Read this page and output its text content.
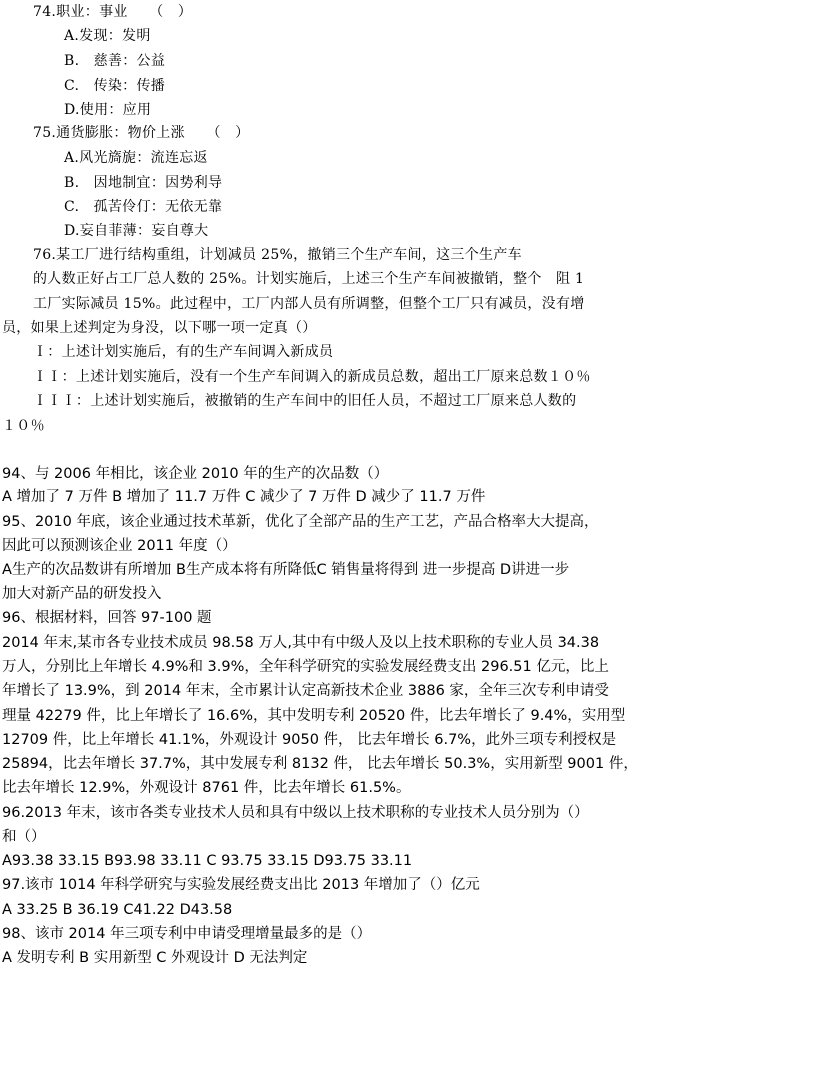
74.职业：事业　　（　）
A.发现：发明
B.　慈善：公益
C.　传染：传播
D.使用：应用
75.通货膨胀：物价上涨　　（　）
A.风光旖旎：流连忘返
B.　因地制宜：因势利导
C.　孤苦伶仃：无依无靠
D.妄自菲薄：妄自尊大
76.某工厂进行结构重组，计划减员 25%，撤销三个生产车间，这三个生产车
的人数正好占工厂总人数的 25%。计划实施后，上述三个生产车间被撤销，整个　阻 1
工厂实际减员 15%。此过程中，工厂内部人员有所调整，但整个工厂只有减员，没有增
员，如果上述判定为身没，以下哪一项一定真（）
Ｉ：上述计划实施后，有的生产车间调入新成员
ＩＩ：上述计划实施后，没有一个生产车间调入的新成员总数，超出工厂原来总数１０％
ＩＩＩ：上述计划实施后，被撤销的生产车间中的旧任人员，不超过工厂原来总人数的
１０％
94、与 2006 年相比，该企业 2010 年的生产的次品数（）
A 增加了 7 万件 B 增加了 11.7 万件 C 减少了 7 万件 D 减少了 11.7 万件
95、2010 年底，该企业通过技术革新，优化了全部产品的生产工艺，产品合格率大大提高，
因此可以预测该企业 2011 年度（）
A生产的次品数讲有所增加 B生产成本将有所降低C 销售量将得到 进一步提高 D讲进一步
加大对新产品的研发投入
96、根据材料，回答 97-100 题
2014 年末,某市各专业技术成员 98.58 万人,其中有中级人及以上技术职称的专业人员 34.38
万人，分别比上年增长 4.9%和 3.9%，全年科学研究的实验发展经费支出 296.51 亿元，比上
年增长了 13.9%，到 2014 年末，全市累计认定高新技术企业 3886 家，全年三次专利申请受
理量 42279 件，比上年增长了 16.6%，其中发明专利 20520 件，比去年增长了 9.4%，实用型
12709 件，比上年增长 41.1%，外观设计 9050 件， 比去年增长 6.7%，此外三项专利授权是
25894，比去年增长 37.7%，其中发展专利 8132 件， 比去年增长 50.3%，实用新型 9001 件，
比去年增长 12.9%，外观设计 8761 件，比去年增长 61.5%。
96.2013 年末，该市各类专业技术人员和具有中级以上技术职称的专业技术人员分别为（）
和（）
A93.38 33.15 B93.98 33.11 C 93.75 33.15 D93.75 33.11
97.该市 1014 年科学研究与实验发展经费支出比 2013 年增加了（）亿元
A 33.25 B 36.19 C41.22 D43.58
98、该市 2014 年三项专利中申请受理增量最多的是（）
A 发明专利 B 实用新型 C 外观设计 D 无法判定
